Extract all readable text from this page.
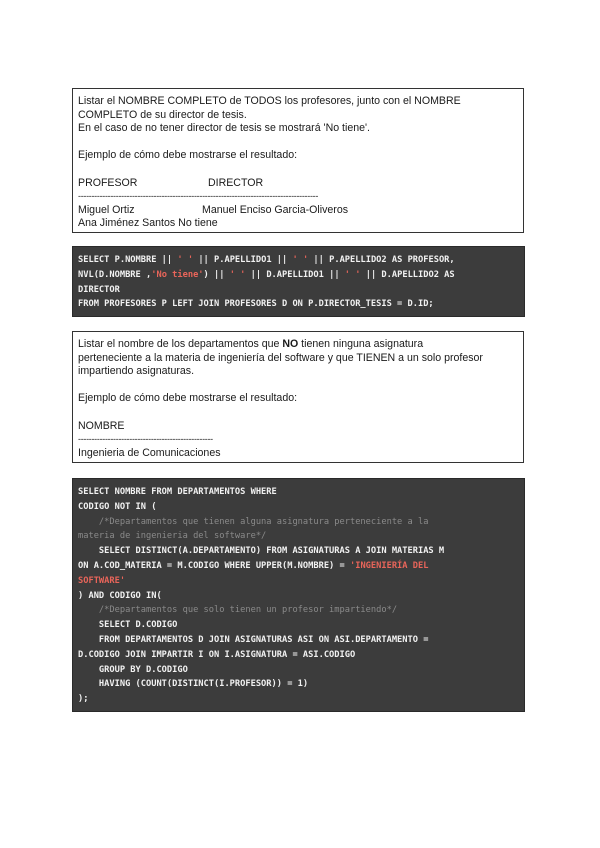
Listar el NOMBRE COMPLETO de TODOS los profesores, junto con el NOMBRE

COMPLETO de su director de tesis.

En el caso de no tener director de tesis se mostrará 'No tiene'.

Ejemplo de cómo debe mostrarse el resultado:

PROFESOR	DIRECTOR
-----------------------------------------------------------------------------------------
Miguel Ortiz	Manuel Enciso Garcia-Oliveros
Ana Jiménez Santos No tiene
SELECT P.NOMBRE || ' ' || P.APELLIDO1 || ' ' || P.APELLIDO2 AS PROFESOR,
NVL(D.NOMBRE ,'No tiene') || ' ' || D.APELLIDO1 || ' ' || D.APELLIDO2 AS
DIRECTOR
FROM PROFESORES P LEFT JOIN PROFESORES D ON P.DIRECTOR_TESIS = D.ID;

Listar el nombre de los departamentos que NO tienen ninguna asignatura

perteneciente a la materia de ingeniería del software y que TIENEN a un solo profesor

impartiendo asignaturas.

Ejemplo de cómo debe mostrarse el resultado:

NOMBRE

--------------------------------------------------

Ingenieria de Comunicaciones

SELECT NOMBRE FROM DEPARTAMENTOS WHERE
CODIGO NOT IN (
/*Departamentos que tienen alguna asignatura perteneciente a la
materia de ingenieria del software*/
SELECT DISTINCT(A.DEPARTAMENTO) FROM ASIGNATURAS A JOIN MATERIAS M
ON A.COD_MATERIA = M.CODIGO WHERE UPPER(M.NOMBRE) = 'INGENIERÍA DEL
SOFTWARE'
) AND CODIGO IN(
/*Departamentos que solo tienen un profesor impartiendo*/
SELECT D.CODIGO
FROM DEPARTAMENTOS D JOIN ASIGNATURAS ASI ON ASI.DEPARTAMENTO =
D.CODIGO JOIN IMPARTIR I ON I.ASIGNATURA = ASI.CODIGO
GROUP BY D.CODIGO
HAVING (COUNT(DISTINCT(I.PROFESOR)) = 1)
);
